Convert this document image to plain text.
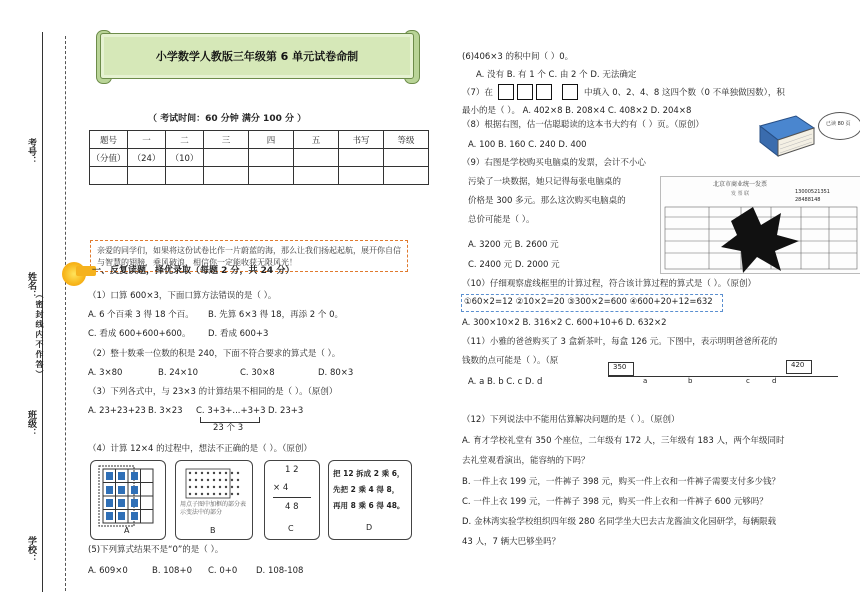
考号：
姓名：
班级：
学校：
（密封线内不作答）
小学数学人教版三年级第 6 单元试卷命制
（ 考试时间：60 分钟 满分 100 分 ）
题号	一	二	三	四	五	书写	等级
（分值）	（24）	（10）					

亲爱的同学们，如果将这份试卷比作一片蔚蓝的海，那么让我们扬起起航，展开你自信与智慧的翅膀，乘风破浪，相信你一定能收获无限风光！
一、反复读题，择优录取（每题 2 分，共 24 分）
（1）口算 600×3，下面口算方法错误的是（ ）。
A. 6 个百乘 3 得 18 个百。 B. 先算 6×3 得 18，再添 2 个 0。
C. 看成 600+600+600。 D. 看成 600+3
（2）整十数乘一位数的积是 240，下面不符合要求的算式是（ ）。
A. 3×80	B. 24×10	C. 30×8	D. 80×3
（3）下列各式中，与 23×3 的计算结果不相同的是（ ）。（原创）
A. 23+23+23 B. 3×23 C. 3+3+...+3+3
23 个 3
D. 23+3
（4）计算 12×4 的过程中，想法不正确的是（ ）。（原创）
A
用点子图中加框的部分表示变法中的部分
B
1 2
× 4
4 8
C
把 12 拆成 2 乘 6，
先把 2 乘 4 得 8，
再用 8 乘 6 得 48。
D
(5)下列算式结果不是“0”的是（ ）。
A. 609×0	B. 108+0 C. 0+0 D. 108-108
(6)406×3 的积中间（ ）0。
A. 没有 B. 有 1 个 C. 由 2 个 D. 无法确定
（7）在	中填入 0、2、4、8 这四个数（0 不单独做因数），积
最小的是（ ）。 A. 402×8 B. 208×4 C. 408×2 D. 204×8
（8）根据右图，估一估聪聪读的这本书大约有（ ）页。（原创）	已读 80 页
A. 100 B. 160 C. 240 D. 400
（9）右图是学校购买电脑桌的发票，会计不小心
污染了一块数据，她只记得每张电脑桌的
价格是 300 多元。那么这次购买电脑桌的
总价可能是（ ）。
A. 3200 元 B. 2600 元
C. 2400 元 D. 2000 元
北京市商业统一发票
发 票 联	13000521351
28488148
（10）仔细观察虚线框里的计算过程，符合该计算过程的算式是（ ）。（原创）
①60×2=12 ②10×2=20 ③300×2=600 ④600+20+12=632
A. 300×10×2 B. 316×2 C. 600+10+6 D. 632×2
（11）小雅的爸爸购买了 3 盒新茶叶，每盒 126 元。下图中，表示明明爸爸所花的
钱数的点可能是（ ）。（原
A. a B. b C. c D. d
350	420
a	b	c	d
（12）下列说法中不能用估算解决问题的是（ ）。（原创）
A. 育才学校礼堂有 350 个座位，二年级有 172 人，三年级有 183 人，两个年级同时
去礼堂观看演出，能容纳的下吗？
B. 一件上衣 199 元，一件裤子 398 元，购买一件上衣和一件裤子需要支付多少钱？
C. 一件上衣 199 元，一件裤子 398 元，购买一件上衣和一件裤子 600 元够吗？
D. 金林湾实验学校组织四年级 280 名同学坐大巴去古龙酱油文化园研学，每辆限载
43 人，7 辆大巴够坐吗？
